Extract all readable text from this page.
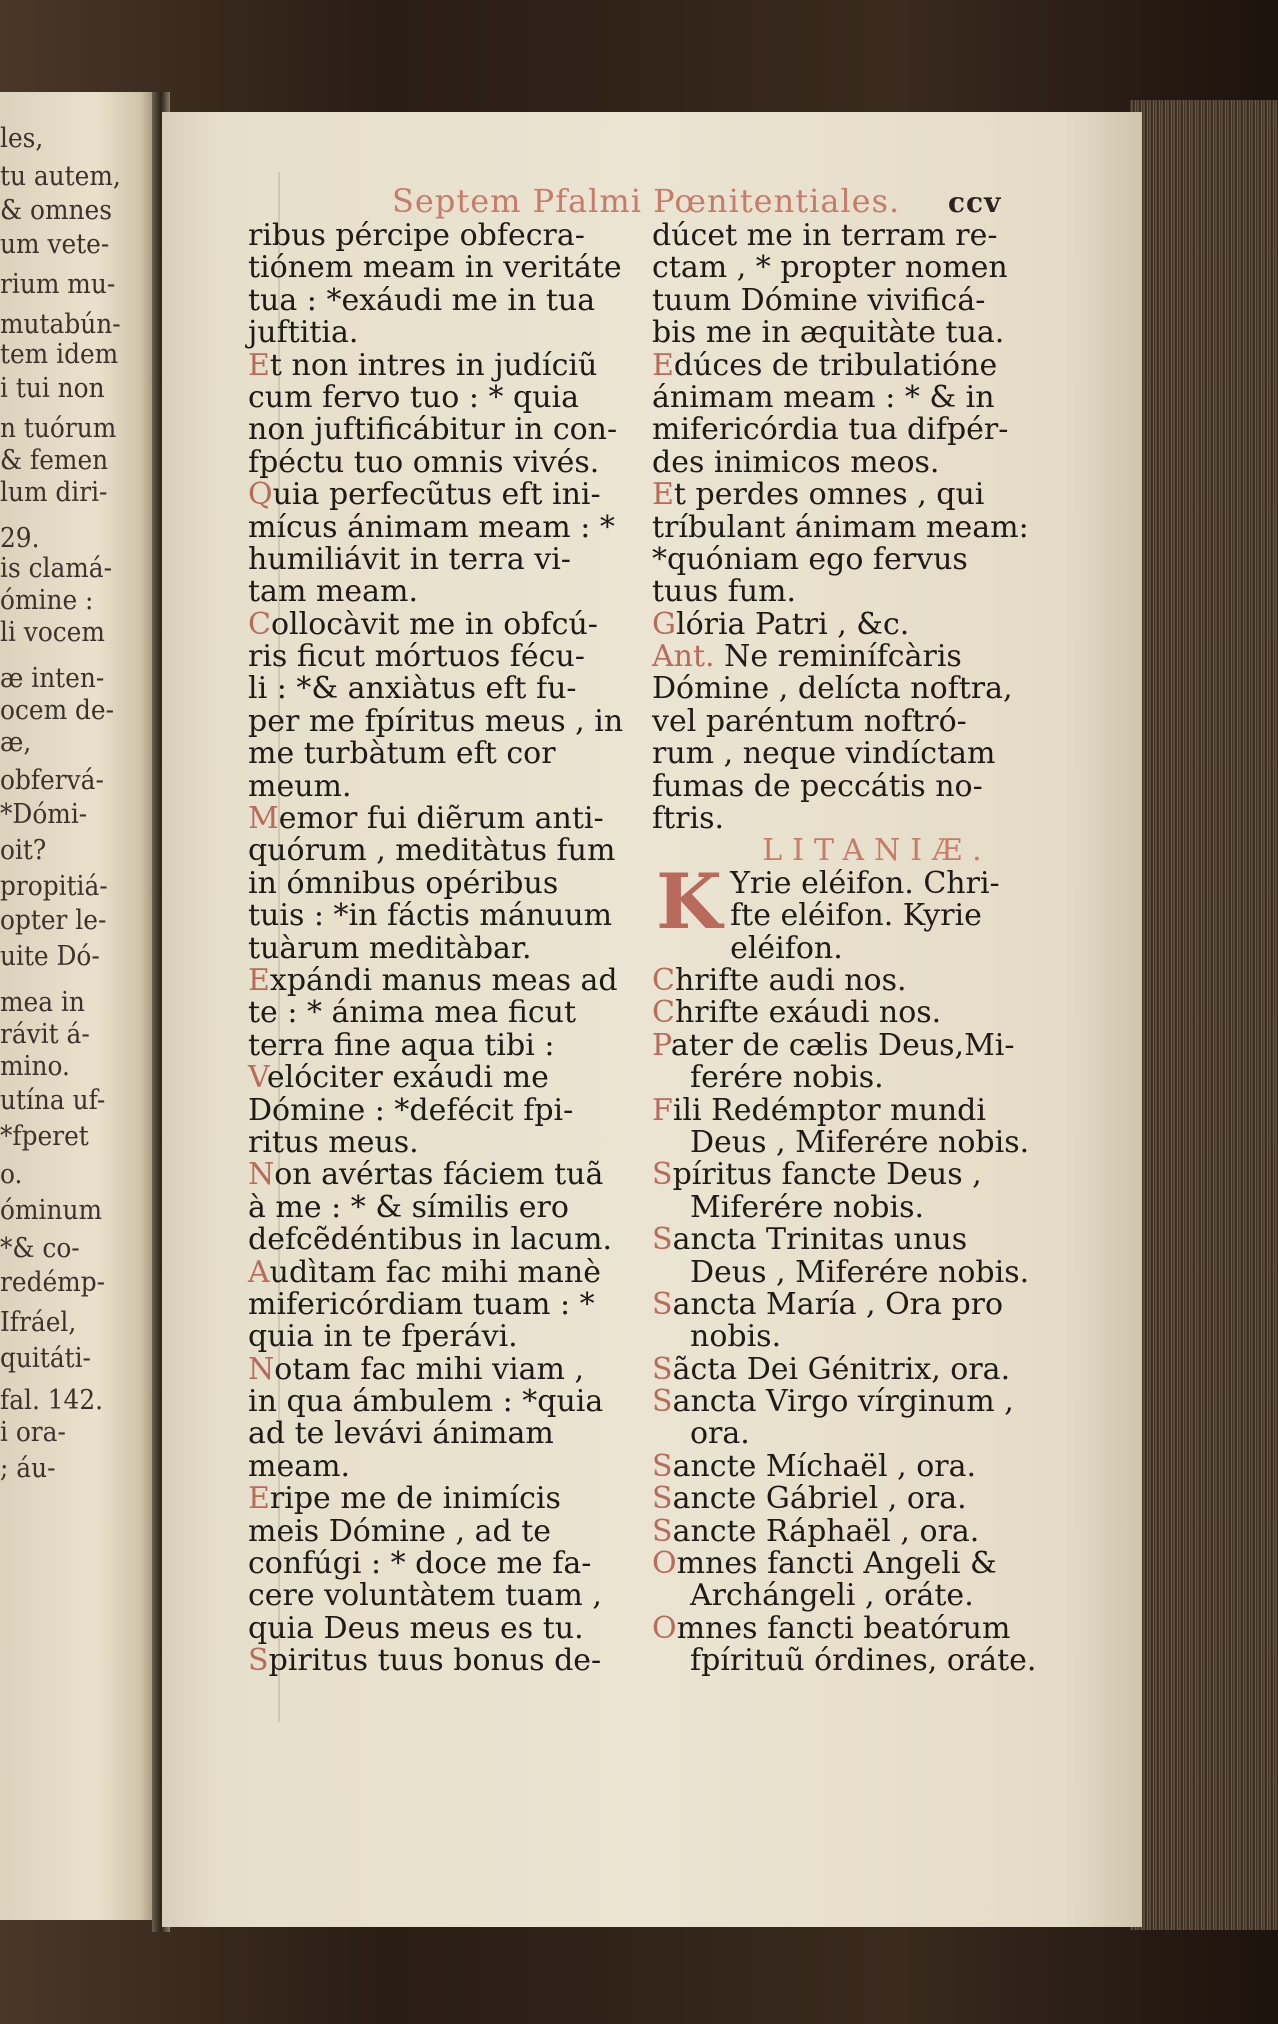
les,
tu autem,
& omnes
um vete-
rium mu-
mutabún-
tem idem
i tui non
n tuórum
& femen
lum diri-
29.
is clamá-
ómine :
li vocem
æ inten-
ocem de-
æ,
obfervá-
*Dómi-
oit?
propitiá-
opter le-
uite Dó-
mea in
rávit á-
mino.
utína uf-
*fperet
o.
óminum
*& co-
redémp-
Ifráel,
quitáti-
fal. 142.
i ora-
; áu-
Septem Pfalmi Pœnitentiales. ccv
ribus pércipe obfecra-
tiónem meam in veritáte
tua : *exáudi me in tua
juftitia.
Et non intres in judíciũ
cum fervo tuo : * quia
non juftificábitur in con-
fpéctu tuo omnis vivés.
Quia perfecũtus eft ini-
mícus ánimam meam : *
humiliávit in terra vi-
tam meam.
Collocàvit me in obfcú-
ris ficut mórtuos fécu-
li : *& anxiàtus eft fu-
per me fpíritus meus , in
me turbàtum eft cor
meum.
Memor fui diẽrum anti-
quórum , meditàtus fum
in ómnibus opéribus
tuis : *in fáctis mánuum
tuàrum meditàbar.
Expándi manus meas ad
te : * ánima mea ficut
terra fine aqua tibi :
Velóciter exáudi me
Dómine : *defécit fpi-
ritus meus.
Non avértas fáciem tuã
à me : * & símilis ero
defcẽdéntibus in lacum.
Audìtam fac mihi manè
mifericórdiam tuam : *
quia in te fperávi.
Notam fac mihi viam ,
in qua ámbulem : *quia
ad te levávi ánimam
meam.
Eripe me de inimícis
meis Dómine , ad te
confúgi : * doce me fa-
cere voluntàtem tuam ,
quia Deus meus es tu.
Spiritus tuus bonus de-
dúcet me in terram re-
ctam , * propter nomen
tuum Dómine vivificá-
bis me in æquitàte tua.
Edúces de tribulatióne
ánimam meam : * & in
mifericórdia tua difpér-
des inimicos meos.
Et perdes omnes , qui
tríbulant ánimam meam:
*quóniam ego fervus
tuus fum.
Glória Patri , &c.
Ant. Ne reminífcàris
Dómine , delícta noftra,
vel paréntum noftró-
rum , neque vindíctam
fumas de peccátis no-
ftris.
LITANIÆ.
K Yrie eléifon. Chri-
fte eléifon. Kyrie
eléifon.
Chrifte audi nos.
Chrifte exáudi nos.
Pater de cælis Deus,Mi-
ferére nobis.
Fili Redémptor mundi
Deus , Miferére nobis.
Spíritus fancte Deus ,
Miferére nobis.
Sancta Trinitas unus
Deus , Miferére nobis.
Sancta María , Ora pro
nobis.
Sãcta Dei Génitrix, ora.
Sancta Virgo vírginum ,
ora.
Sancte Míchaël , ora.
Sancte Gábriel , ora.
Sancte Ráphaël , ora.
Omnes fancti Angeli &
Archángeli , oráte.
Omnes fancti beatórum
fpírituũ órdines, oráte.
